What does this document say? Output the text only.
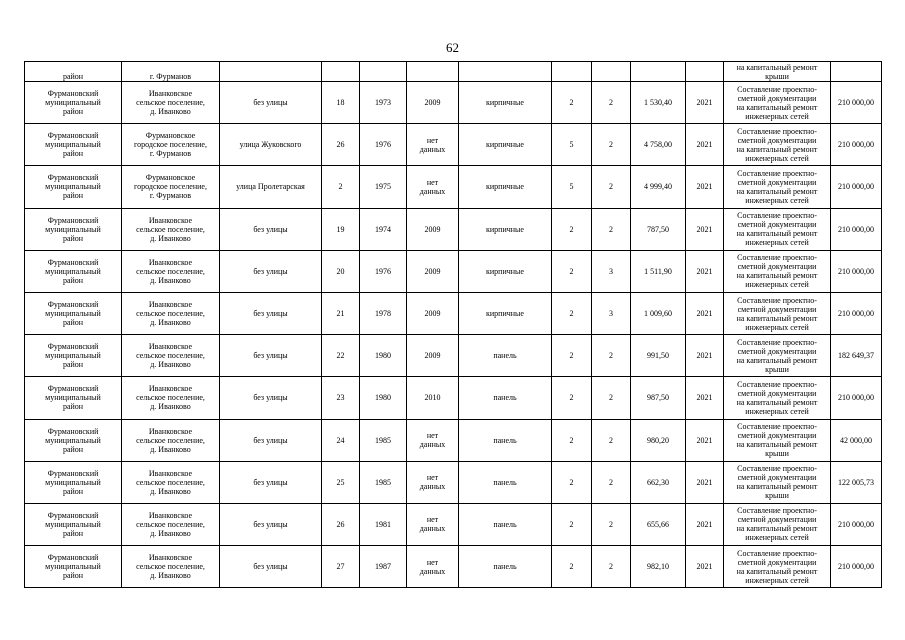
62
район	г. Фурманов										на капитальный ремонт
крыши	

Фурмановский
муниципальный
район	Иванковское
сельское поселение,
д. Иванково	без улицы	18	1973	2009	кирпичные	2	2	1 530,40	2021	Составление проектно-
сметной документации
на капитальный ремонт
инженерных сетей	210 000,00

Фурмановский
муниципальный
район	Фурмановское
городское поселение,
г. Фурманов	улица Жуковского	26	1976	нет
данных	кирпичные	5	2	4 758,00	2021	Составление проектно-
сметной документации
на капитальный ремонт
инженерных сетей	210 000,00

Фурмановский
муниципальный
район	Фурмановское
городское поселение,
г. Фурманов	улица Пролетарская	2	1975	нет
данных	кирпичные	5	2	4 999,40	2021	Составление проектно-
сметной документации
на капитальный ремонт
инженерных сетей	210 000,00

Фурмановский
муниципальный
район	Иванковское
сельское поселение,
д. Иванково	без улицы	19	1974	2009	кирпичные	2	2	787,50	2021	Составление проектно-
сметной документации
на капитальный ремонт
инженерных сетей	210 000,00

Фурмановский
муниципальный
район	Иванковское
сельское поселение,
д. Иванково	без улицы	20	1976	2009	кирпичные	2	3	1 511,90	2021	Составление проектно-
сметной документации
на капитальный ремонт
инженерных сетей	210 000,00

Фурмановский
муниципальный
район	Иванковское
сельское поселение,
д. Иванково	без улицы	21	1978	2009	кирпичные	2	3	1 009,60	2021	Составление проектно-
сметной документации
на капитальный ремонт
инженерных сетей	210 000,00

Фурмановский
муниципальный
район	Иванковское
сельское поселение,
д. Иванково	без улицы	22	1980	2009	панель	2	2	991,50	2021	Составление проектно-
сметной документации
на капитальный ремонт
крыши	182 649,37

Фурмановский
муниципальный
район	Иванковское
сельское поселение,
д. Иванково	без улицы	23	1980	2010	панель	2	2	987,50	2021	Составление проектно-
сметной документации
на капитальный ремонт
инженерных сетей	210 000,00

Фурмановский
муниципальный
район	Иванковское
сельское поселение,
д. Иванково	без улицы	24	1985	нет
данных	панель	2	2	980,20	2021	Составление проектно-
сметной документации
на капитальный ремонт
крыши	42 000,00

Фурмановский
муниципальный
район	Иванковское
сельское поселение,
д. Иванково	без улицы	25	1985	нет
данных	панель	2	2	662,30	2021	Составление проектно-
сметной документации
на капитальный ремонт
крыши	122 005,73

Фурмановский
муниципальный
район	Иванковское
сельское поселение,
д. Иванково	без улицы	26	1981	нет
данных	панель	2	2	655,66	2021	Составление проектно-
сметной документации
на капитальный ремонт
инженерных сетей	210 000,00

Фурмановский
муниципальный
район	Иванковское
сельское поселение,
д. Иванково	без улицы	27	1987	нет
данных	панель	2	2	982,10	2021	Составление проектно-
сметной документации
на капитальный ремонт
инженерных сетей	210 000,00
